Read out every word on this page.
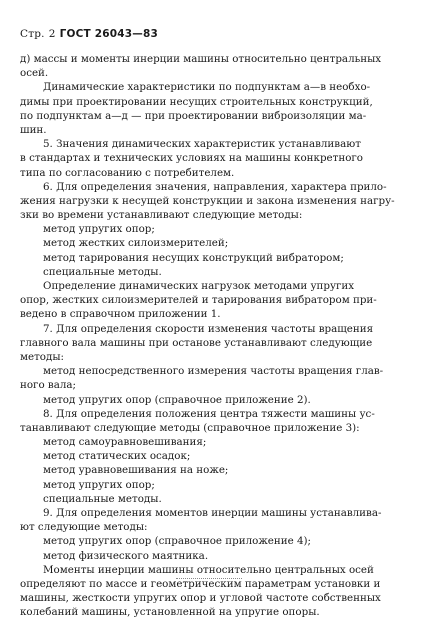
Стр. 2 ГОСТ 26043—83
д) массы и моменты инерции машины относительно центральных
осей.
Динамические характеристики по подпунктам а—в необхо-
димы при проектировании несущих строительных конструкций,
по подпунктам а—д — при проектировании виброизоляции ма-
шин.
5. Значения динамических характеристик устанавливают
в стандартах и технических условиях на машины конкретного
типа по согласованию с потребителем.
6. Для определения значения, направления, характера прило-
жения нагрузки к несущей конструкции и закона изменения нагру-
зки во времени устанавливают следующие методы:
метод упругих опор;
метод жестких силоизмерителей;
метод тарирования несущих конструкций вибратором;
специальные методы.
Определение динамических нагрузок методами упругих
опор, жестких силоизмерителей и тарирования вибратором при-
ведено в справочном приложении 1.
7. Для определения скорости изменения частоты вращения
главного вала машины при останове устанавливают следующие
методы:
метод непосредственного измерения частоты вращения глав-
ного вала;
метод упругих опор (справочное приложение 2).
8. Для определения положения центра тяжести машины ус-
танавливают следующие методы (справочное приложение 3):
метод самоуравновешивания;
метод статических осадок;
метод уравновешивания на ноже;
метод упругих опор;
специальные методы.
9. Для определения моментов инерции машины устанавлива-
ют следующие методы:
метод упругих опор (справочное приложение 4);
метод физического маятника.
Моменты инерции машины относительно центральных осей
определяют по массе и геометрическим параметрам установки и
машины, жесткости упругих опор и угловой частоте собственных
колебаний машины, установленной на упругие опоры.
